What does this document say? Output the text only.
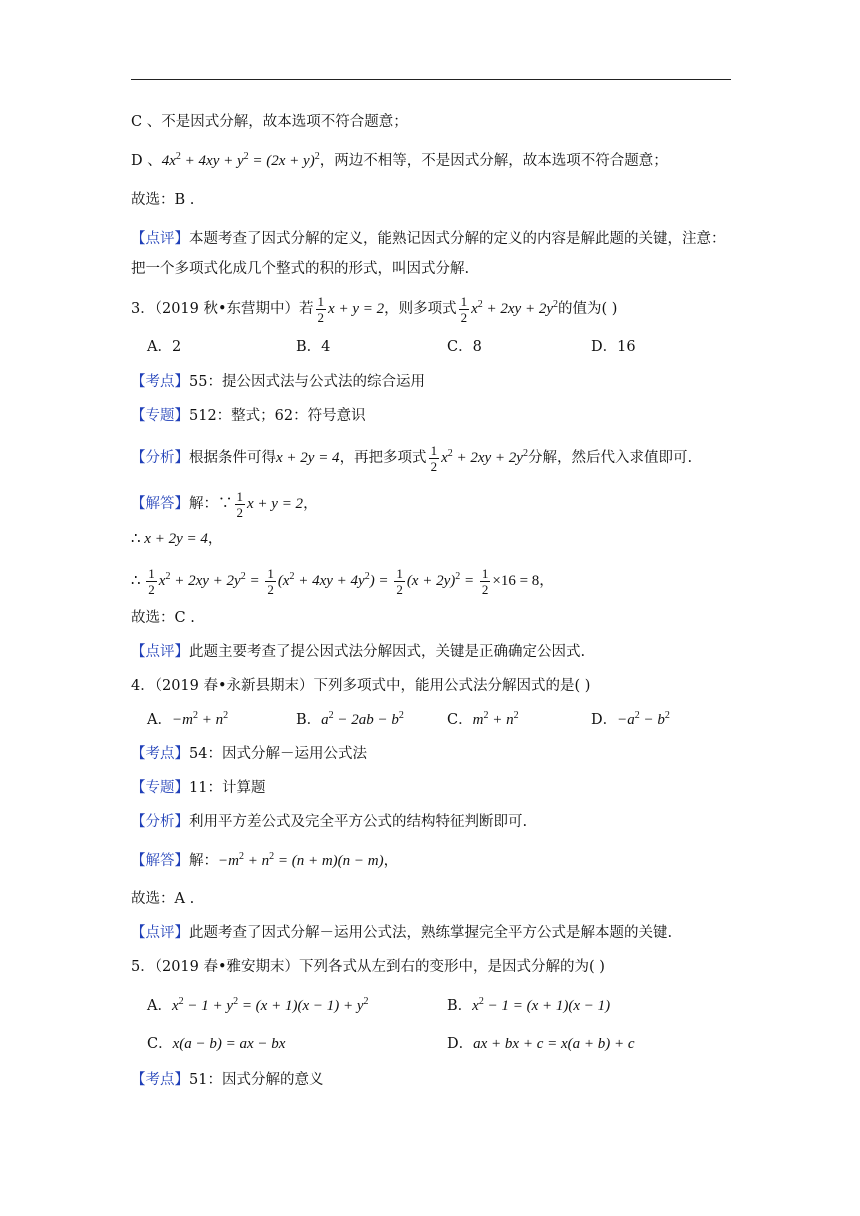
C 、不是因式分解，故本选项不符合题意；
D 、$4x^2 + 4xy + y^2 = (2x + y)^2$，两边不相等，不是因式分解，故本选项不符合题意；
故选：B .
【点评】本题考查了因式分解的定义，能熟记因式分解的定义的内容是解此题的关键，注意：
把一个多项式化成几个整式的积的形式，叫因式分解.
3．（2019 秋•东营期中）若 $\frac{1}{2}$ x + y = 2，则多项式 $\frac{1}{2} x^2 + 2xy + 2y^2$的值为( )
A．2	B．4	C．8	D．16
【考点】55：提公因式法与公式法的综合运用
【专题】512：整式；62：符号意识
【分析】根据条件可得x + 2y = 4，再把多项式 $\frac{1}{2} x^2 + 2xy + 2y^2$分解，然后代入求值即可.
【解答】解：∵ $\frac{1}{2}$ x + y = 2，
∴ x + 2y = 4，
∴ $\frac{1}{2} x^2 + 2xy + 2y^2 = \frac{1}{2} (x^2 + 4xy + 4y^2) = \frac{1}{2} (x + 2y)^2 = \frac{1}{2} \times 16 = 8$，
故选：C .
【点评】此题主要考查了提公因式法分解因式，关键是正确确定公因式.
4．（2019 春•永新县期末）下列多项式中，能用公式法分解因式的是( )
A．$-m^2 + n^2$	B．$a^2 - 2ab - b^2$	C．$m^2 + n^2$	D．$-a^2 - b^2$
【考点】54：因式分解－运用公式法
【专题】11：计算题
【分析】利用平方差公式及完全平方公式的结构特征判断即可.
【解答】解：$-m^2 + n^2 = (n + m)(n - m)$，
故选：A .
【点评】此题考查了因式分解－运用公式法，熟练掌握完全平方公式是解本题的关键.
5．（2019 春•雅安期末）下列各式从左到右的变形中，是因式分解的为( )
A．$x^2 - 1 + y^2 = (x + 1)(x - 1) + y^2$	B．$x^2 - 1 = (x + 1)(x - 1)$
C．x(a − b) = ax − bx	D．ax + bx + c = x(a + b) + c
【考点】51：因式分解的意义
